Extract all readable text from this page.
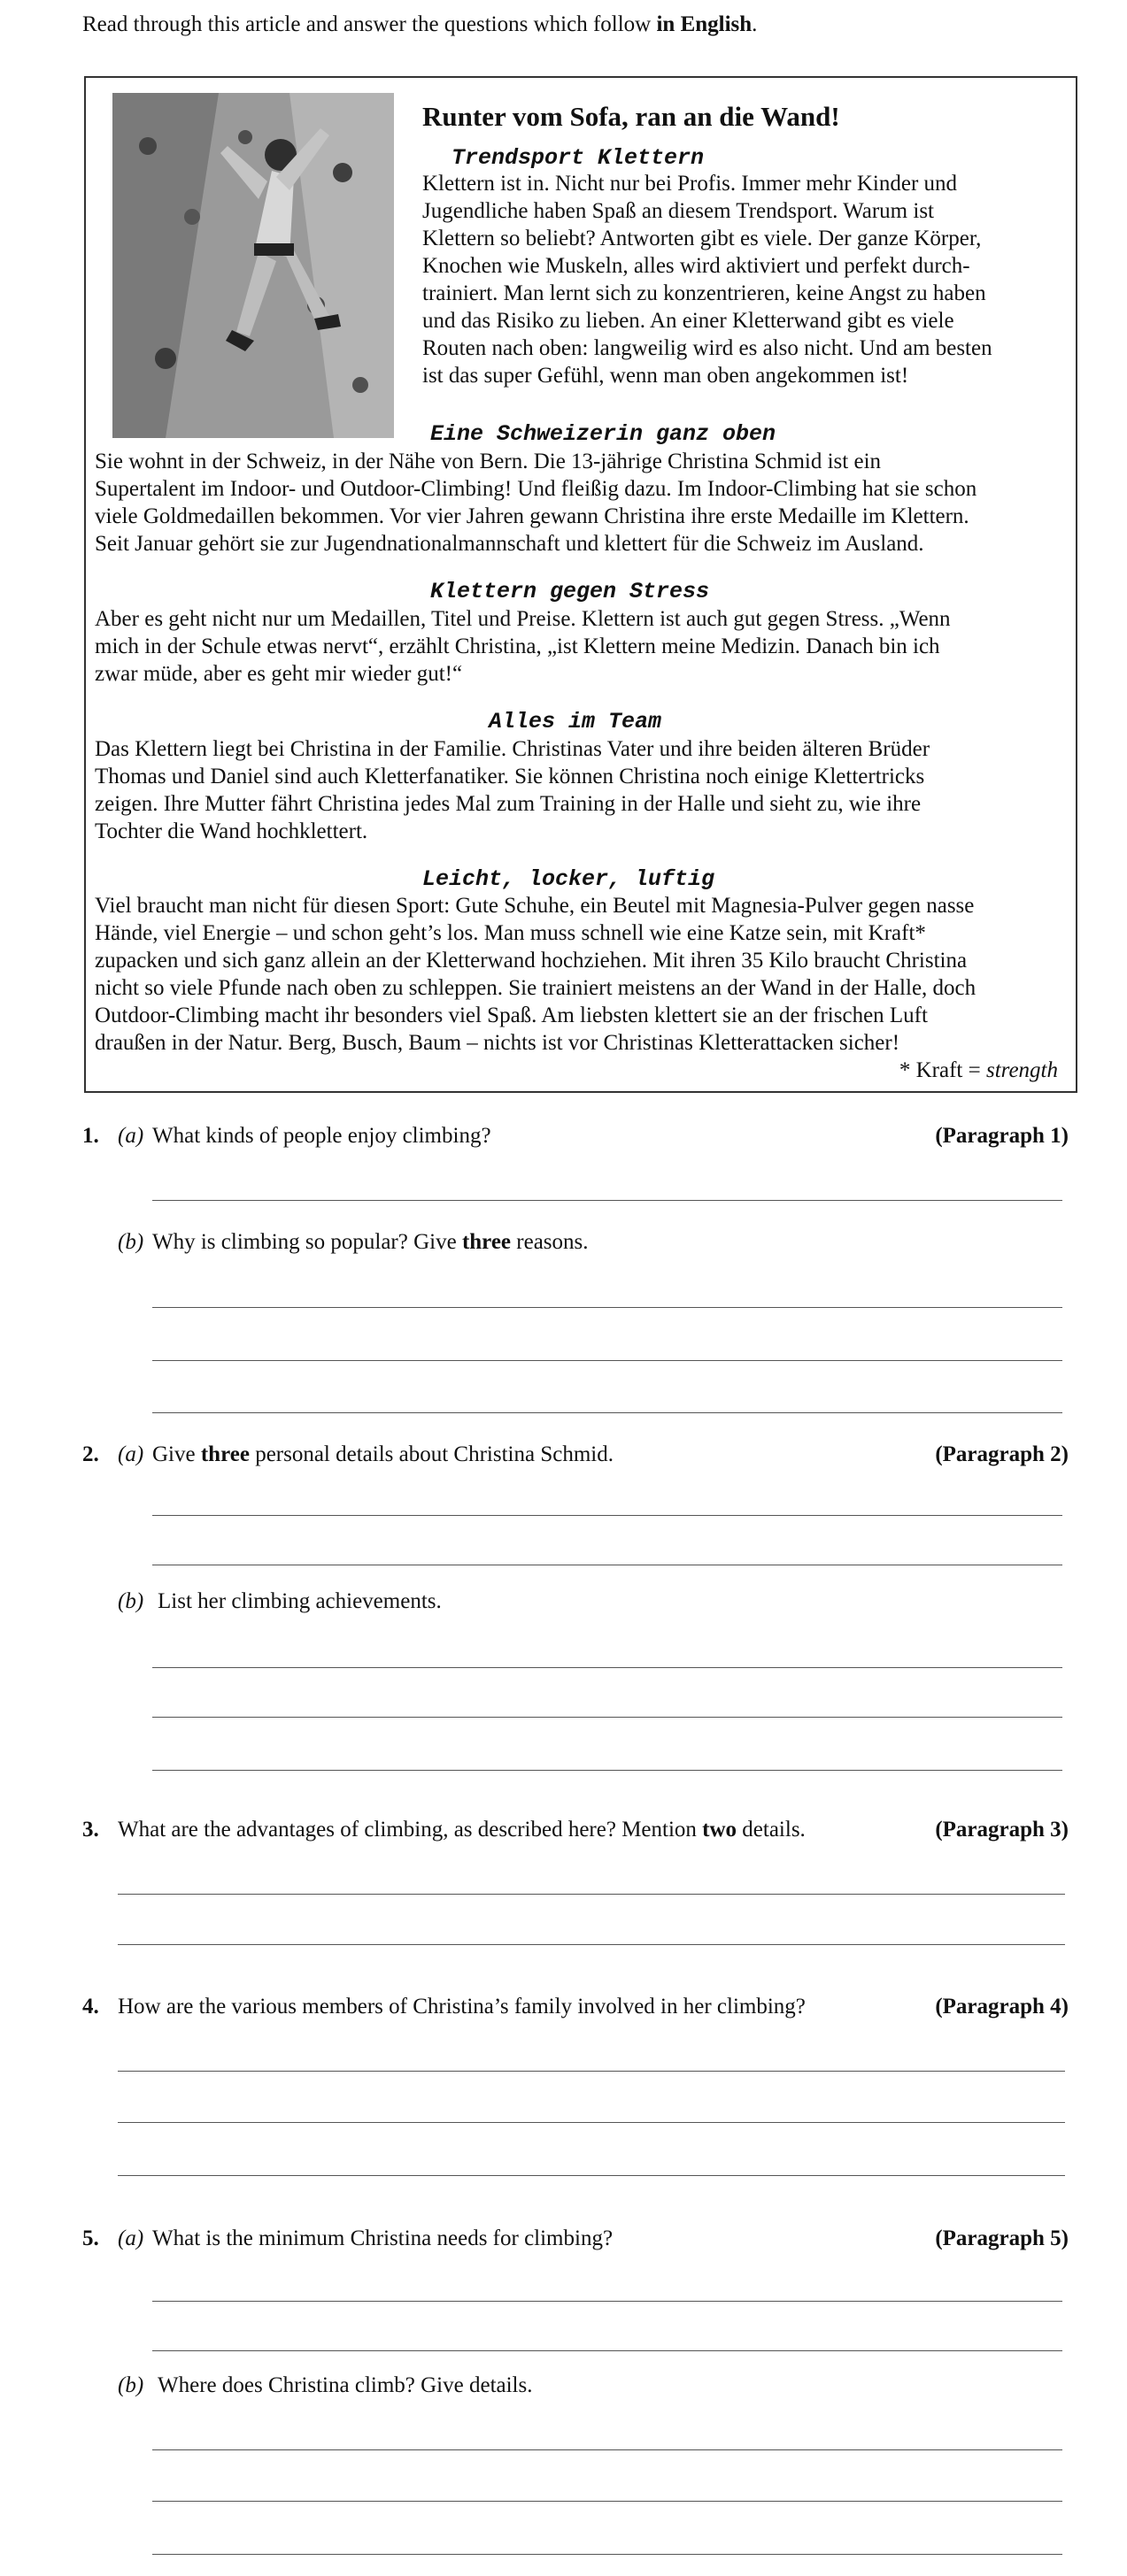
Read through this article and answer the questions which follow in English.
Runter vom Sofa, ran an die Wand!
Trendsport Klettern
Klettern ist in. Nicht nur bei Profis. Immer mehr Kinder und
Jugendliche haben Spaß an diesem Trendsport. Warum ist
Klettern so beliebt? Antworten gibt es viele. Der ganze Körper,
Knochen wie Muskeln, alles wird aktiviert und perfekt durch-
trainiert. Man lernt sich zu konzentrieren, keine Angst zu haben
und das Risiko zu lieben. An einer Kletterwand gibt es viele
Routen nach oben: langweilig wird es also nicht. Und am besten
ist das super Gefühl, wenn man oben angekommen ist!
Eine Schweizerin ganz oben
Sie wohnt in der Schweiz, in der Nähe von Bern. Die 13-jährige Christina Schmid ist ein
Supertalent im Indoor- und Outdoor-Climbing! Und fleißig dazu. Im Indoor-Climbing hat sie schon
viele Goldmedaillen bekommen. Vor vier Jahren gewann Christina ihre erste Medaille im Klettern.
Seit Januar gehört sie zur Jugendnationalmannschaft und klettert für die Schweiz im Ausland.
Klettern gegen Stress
Aber es geht nicht nur um Medaillen, Titel und Preise. Klettern ist auch gut gegen Stress. „Wenn
mich in der Schule etwas nervt“, erzählt Christina, „ist Klettern meine Medizin. Danach bin ich
zwar müde, aber es geht mir wieder gut!“
Alles im Team
Das Klettern liegt bei Christina in der Familie. Christinas Vater und ihre beiden älteren Brüder
Thomas und Daniel sind auch Kletterfanatiker. Sie können Christina noch einige Klettertricks
zeigen. Ihre Mutter fährt Christina jedes Mal zum Training in der Halle und sieht zu, wie ihre
Tochter die Wand hochklettert.
Leicht, locker, luftig
Viel braucht man nicht für diesen Sport: Gute Schuhe, ein Beutel mit Magnesia-Pulver gegen nasse
Hände, viel Energie – und schon geht’s los. Man muss schnell wie eine Katze sein, mit Kraft*
zupacken und sich ganz allein an der Kletterwand hochziehen. Mit ihren 35 Kilo braucht Christina
nicht so viele Pfunde nach oben zu schleppen. Sie trainiert meistens an der Wand in der Halle, doch
Outdoor-Climbing macht ihr besonders viel Spaß. Am liebsten klettert sie an der frischen Luft
draußen in der Natur. Berg, Busch, Baum – nichts ist vor Christinas Kletterattacken sicher!
* Kraft = strength
1. (a) What kinds of people enjoy climbing?	(Paragraph 1)
(b) Why is climbing so popular? Give three reasons.
2. (a) Give three personal details about Christina Schmid.	(Paragraph 2)
(b) List her climbing achievements.
3. What are the advantages of climbing, as described here? Mention two details.	(Paragraph 3)
4. How are the various members of Christina’s family involved in her climbing?	(Paragraph 4)
5. (a) What is the minimum Christina needs for climbing?	(Paragraph 5)
(b) Where does Christina climb? Give details.
